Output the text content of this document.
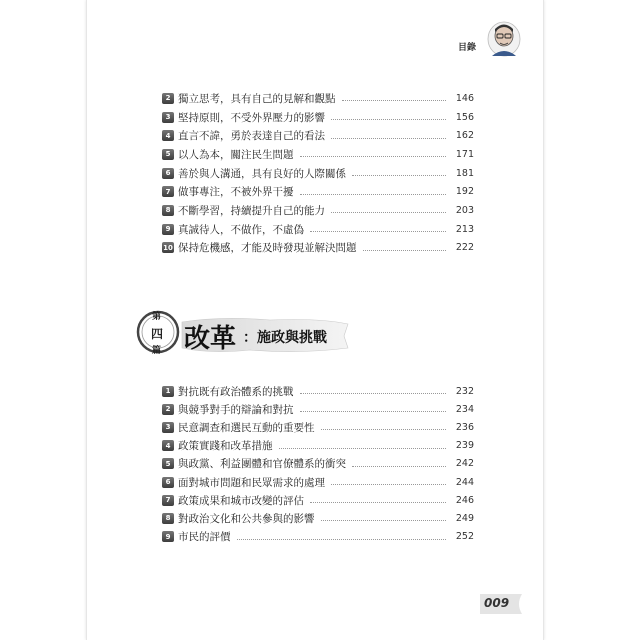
目錄
2 獨立思考，具有自己的見解和觀點	146
3 堅持原則，不受外界壓力的影響	156
4 直言不諱，勇於表達自己的看法	162
5 以人為本，關注民生問題	171
6 善於與人溝通，具有良好的人際關係	181
7 做事專注，不被外界干擾	192
8 不斷學習，持續提升自己的能力	203
9 真誠待人，不做作，不虛偽	213
10 保持危機感，才能及時發現並解決問題	222
第
四
篇 改革 ：施政與挑戰
1 對抗既有政治體系的挑戰	232
2 與競爭對手的辯論和對抗	234
3 民意調查和選民互動的重要性	236
4 政策實踐和改革措施	239
5 與政黨、利益團體和官僚體系的衝突	242
6 面對城市問題和民眾需求的處理	244
7 政策成果和城市改變的評估	246
8 對政治文化和公共參與的影響	249
9 市民的評價	252
009
